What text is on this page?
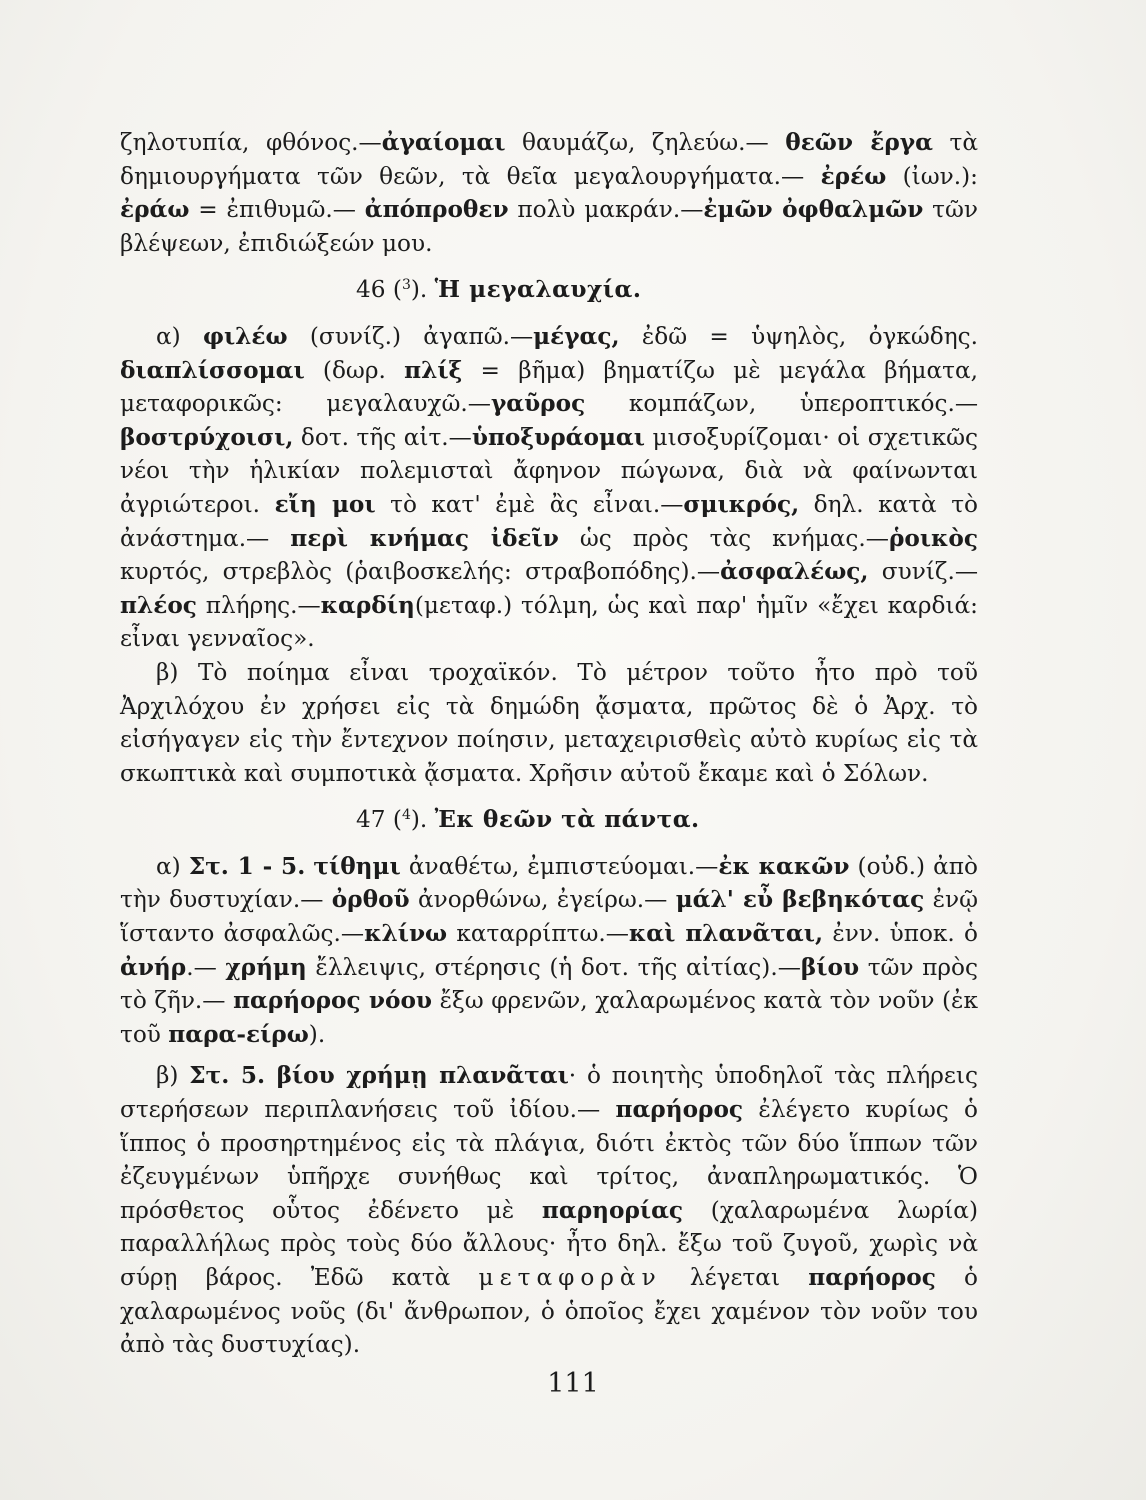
ζηλοτυπία, φθόνος.—ἀγαίομαι θαυμάζω, ζηλεύω.— θεῶν ἔργα τὰ δημιουργήματα τῶν θεῶν, τὰ θεῖα μεγαλουργήματα.— ἐρέω (ἰων.): ἐράω = ἐπιθυμῶ.— ἀπόπροθεν πολὺ μακράν.—ἐμῶν ὀφθαλμῶν τῶν βλέψεων, ἐπιδιώξεών μου.

46 ($^3$). Ἡ μεγαλαυχία.

α) φιλέω (συνίζ.) ἀγαπῶ.—μέγας, ἐδῶ = ὑψηλὸς, ὀγκώδης. διαπλίσσομαι (δωρ. πλίξ = βῆμα) βηματίζω μὲ μεγάλα βήματα, μεταφορικῶς: μεγαλαυχῶ.—γαῦρος κομπάζων, ὑπεροπτικός.— βοστρύχοισι, δοτ. τῆς αἰτ.—ὑποξυράομαι μισοξυρίζομαι· οἱ σχετικῶς νέοι τὴν ἡλικίαν πολεμισταὶ ἄφηνον πώγωνα, διὰ νὰ φαίνωνται ἀγριώτεροι. εἴη μοι τὸ κατ' ἐμὲ ἂς εἶναι.—σμικρός, δηλ. κατὰ τὸ ἀνάστημα.— περὶ κνήμας ἰδεῖν ὡς πρὸς τὰς κνήμας.—ῥοικὸς κυρτός, στρεβλὸς (ῥαιβοσκελής: στραβοπόδης).—ἀσφαλέως, συνίζ.— πλέος πλήρης.—καρδίη(μεταφ.) τόλμη, ὡς καὶ παρ' ἡμῖν «ἔχει καρδιά: εἶναι γενναῖος».

β) Τὸ ποίημα εἶναι τροχαϊκόν. Τὸ μέτρον τοῦτο ἦτο πρὸ τοῦ Ἀρχιλόχου ἐν χρήσει εἰς τὰ δημώδη ᾄσματα, πρῶτος δὲ ὁ Ἀρχ. τὸ εἰσήγαγεν εἰς τὴν ἔντεχνον ποίησιν, μεταχειρισθεὶς αὐτὸ κυρίως εἰς τὰ σκωπτικὰ καὶ συμποτικὰ ᾄσματα. Χρῆσιν αὐτοῦ ἔκαμε καὶ ὁ Σόλων.

47 ($^4$). Ἐκ θεῶν τὰ πάντα.

α) Στ. 1 - 5. τίθημι ἀναθέτω, ἐμπιστεύομαι.—ἐκ κακῶν (οὐδ.) ἀπὸ τὴν δυστυχίαν.— ὀρθοῦ ἀνορθώνω, ἐγείρω.— μάλ' εὖ βεβηκότας ἐνῷ ἵσταντο ἀσφαλῶς.—κλίνω καταρρίπτω.—καὶ πλανᾶται, ἐνν. ὑποκ. ὁ ἀνήρ.— χρήμη ἔλλειψις, στέρησις (ἡ δοτ. τῆς αἰτίας).—βίου τῶν πρὸς τὸ ζῆν.— παρήορος νόου ἔξω φρενῶν, χαλαρωμένος κατὰ τὸν νοῦν (ἐκ τοῦ παρα-είρω).

β) Στ. 5. βίου χρήμῃ πλανᾶται· ὁ ποιητὴς ὑποδηλοῖ τὰς πλήρεις στερήσεων περιπλανήσεις τοῦ ἰδίου.— παρήορος ἐλέγετο κυρίως ὁ ἵππος ὁ προσηρτημένος εἰς τὰ πλάγια, διότι ἐκτὸς τῶν δύο ἵππων τῶν ἐζευγμένων ὑπῆρχε συνήθως καὶ τρίτος, ἀναπληρωματικός. Ὁ πρόσθετος οὗτος ἐδένετο μὲ παρηορίας (χαλαρωμένα λωρία) παραλλήλως πρὸς τοὺς δύο ἄλλους· ἦτο δηλ. ἔξω τοῦ ζυγοῦ, χωρὶς νὰ σύρῃ βάρος. Ἐδῶ κατὰ μεταφορὰν λέγεται παρήορος ὁ χαλαρωμένος νοῦς (δι' ἄνθρωπον, ὁ ὁποῖος ἔχει χαμένον τὸν νοῦν του ἀπὸ τὰς δυστυχίας).

111
